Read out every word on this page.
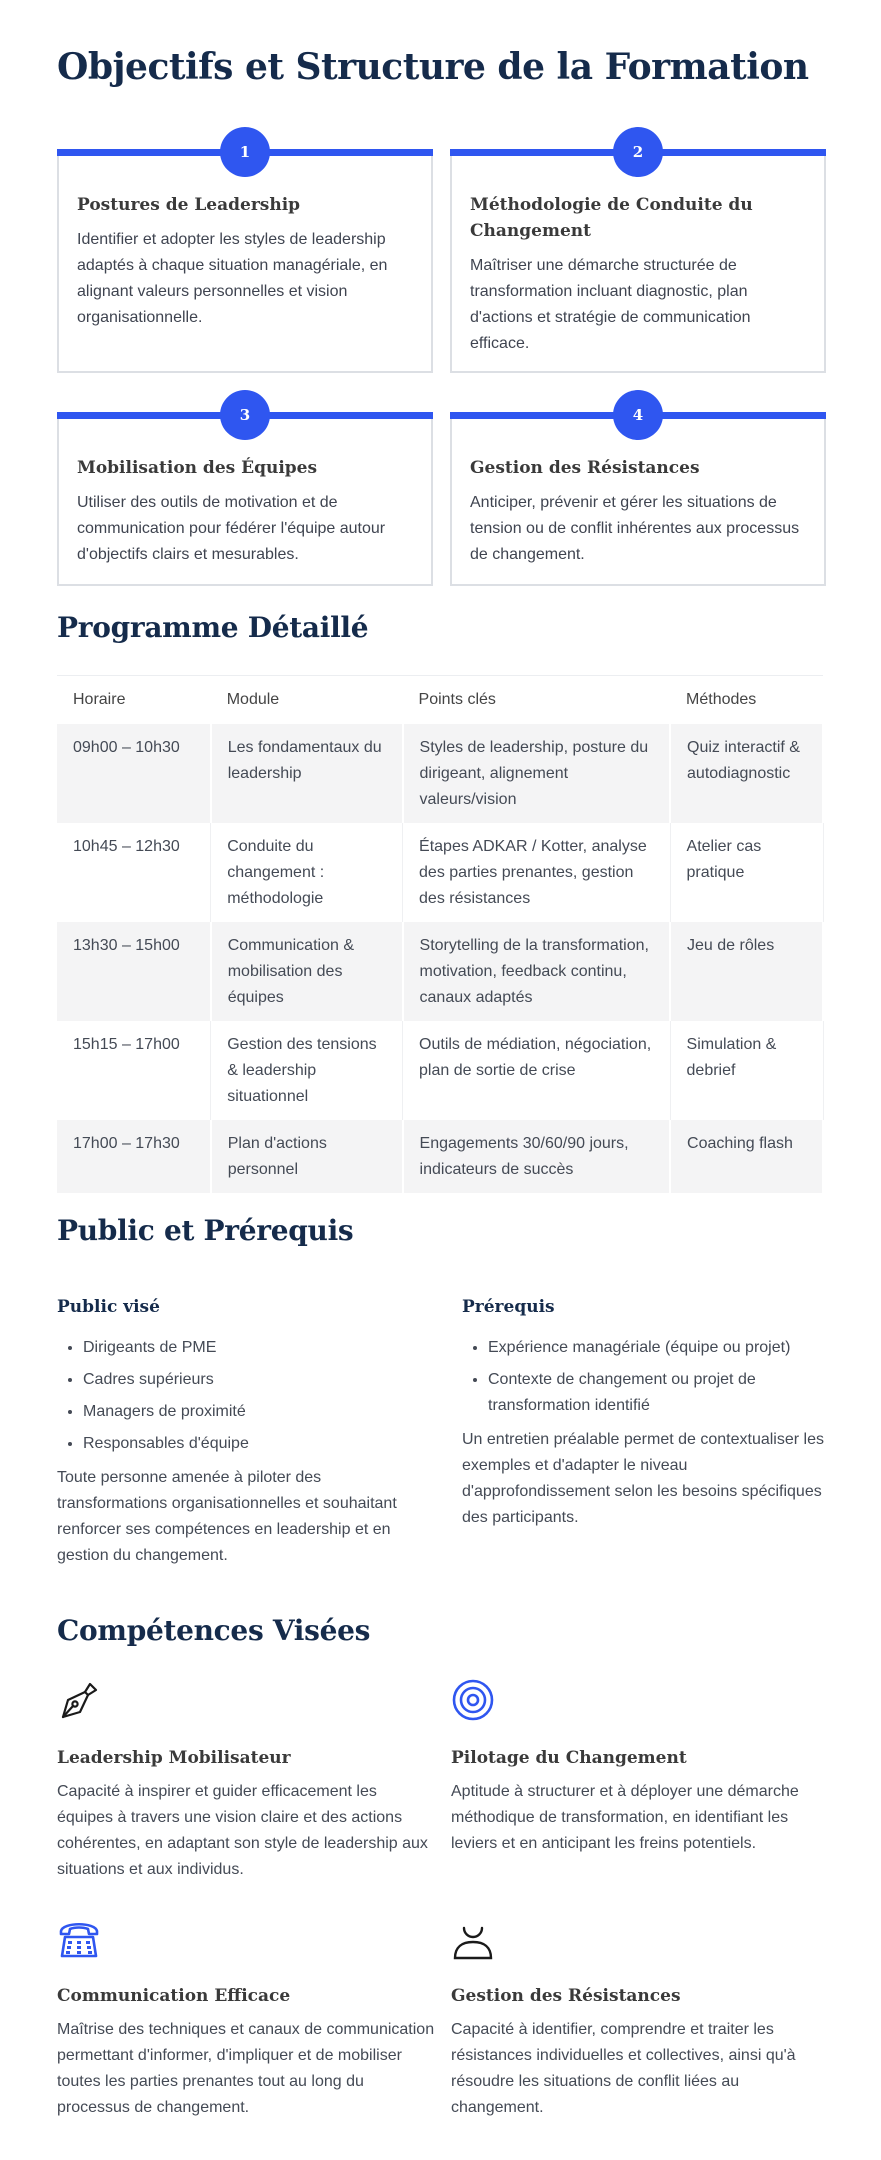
Objectifs et Structure de la Formation
1
Postures de Leadership

Identifier et adopter les styles de leadership adaptés à chaque situation managériale, en alignant valeurs personnelles et vision organisationnelle.

2
Méthodologie de Conduite du Changement

Maîtriser une démarche structurée de transformation incluant diagnostic, plan d'actions et stratégie de communication efficace.

3
Mobilisation des Équipes

Utiliser des outils de motivation et de communication pour fédérer l'équipe autour d'objectifs clairs et mesurables.

4
Gestion des Résistances

Anticiper, prévenir et gérer les situations de tension ou de conflit inhérentes aux processus de changement.

Programme Détaillé
Horaire	Module	Points clés	Méthodes
09h00 – 10h30	Les fondamentaux du leadership	Styles de leadership, posture du dirigeant, alignement valeurs/vision	Quiz interactif & autodiagnostic
10h45 – 12h30	Conduite du changement : méthodologie	Étapes ADKAR / Kotter, analyse des parties prenantes, gestion des résistances	Atelier cas pratique
13h30 – 15h00	Communication & mobilisation des équipes	Storytelling de la transformation, motivation, feedback continu, canaux adaptés	Jeu de rôles
15h15 – 17h00	Gestion des tensions & leadership situationnel	Outils de médiation, négociation, plan de sortie de crise	Simulation & debrief
17h00 – 17h30	Plan d'actions personnel	Engagements 30/60/90 jours, indicateurs de succès	Coaching flash
Public et Prérequis
Public visé
• Dirigeants de PME
• Cadres supérieurs
• Managers de proximité
• Responsables d'équipe

Toute personne amenée à piloter des transformations organisationnelles et souhaitant renforcer ses compétences en leadership et en gestion du changement.

Prérequis
• Expérience managériale (équipe ou projet)
• Contexte de changement ou projet de transformation identifié

Un entretien préalable permet de contextualiser les exemples et d'adapter le niveau d'approfondissement selon les besoins spécifiques des participants.

Compétences Visées
Leadership Mobilisateur

Capacité à inspirer et guider efficacement les équipes à travers une vision claire et des actions cohérentes, en adaptant son style de leadership aux situations et aux individus.

Pilotage du Changement

Aptitude à structurer et à déployer une démarche méthodique de transformation, en identifiant les leviers et en anticipant les freins potentiels.

Communication Efficace

Maîtrise des techniques et canaux de communication permettant d'informer, d'impliquer et de mobiliser toutes les parties prenantes tout au long du processus de changement.

Gestion des Résistances

Capacité à identifier, comprendre et traiter les résistances individuelles et collectives, ainsi qu'à résoudre les situations de conflit liées au changement.
